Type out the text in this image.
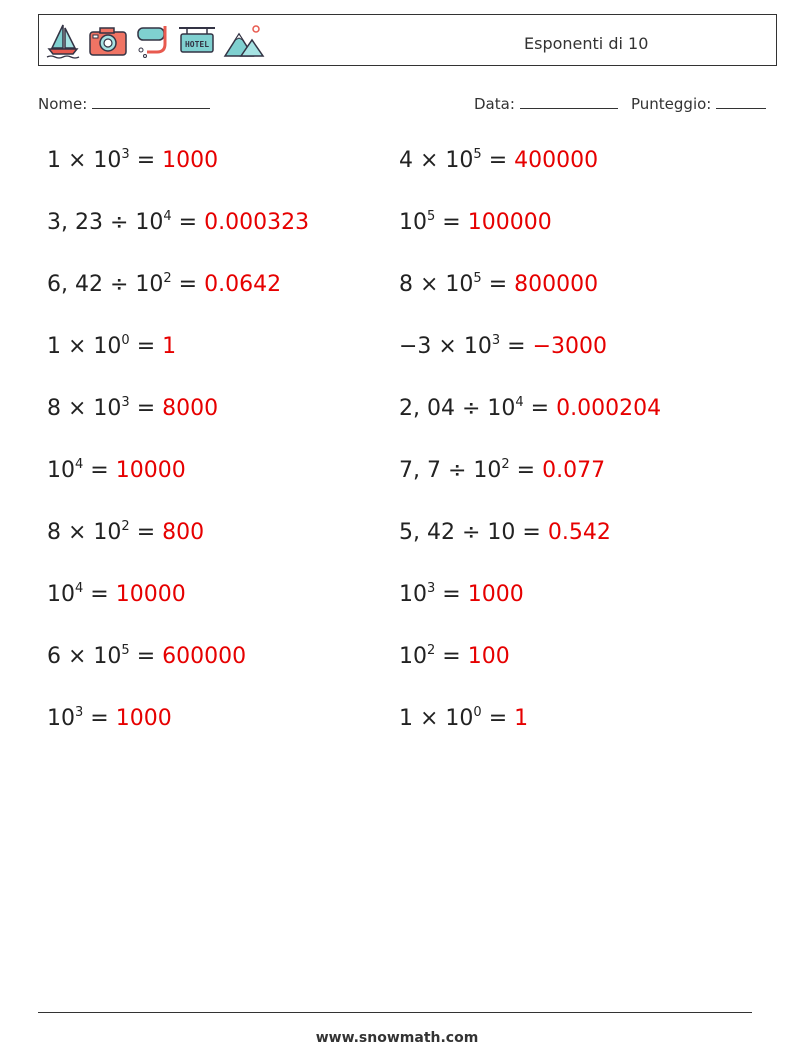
HOTEL	Esponenti di 10
Nome:	Data:	Punteggio:
$1 \times 10^3 = 1000$	$4 \times 10^5 = 400000$
3, $23 \div 10^4 = 0.000323$	$10^5 = 100000$
6, $42 \div 10^2 = 0.0642$	$8 \times 10^5 = 800000$
$1 \times 10^0 = 1$	$-3 \times 10^3 = -3000$
$8 \times 10^3 = 8000$	2, $04 \div 10^4 = 0.000204$
$10^4 = 10000$	7, $7 \div 10^2 = 0.077$
$8 \times 10^2 = 800$	5, 42 ÷ 10 = 0.542
$10^4 = 10000$	$10^3 = 1000$
$6 \times 10^5 = 600000$	$10^2 = 100$
$10^3 = 1000$	$1 \times 10^0 = 1$
www.snowmath.com
